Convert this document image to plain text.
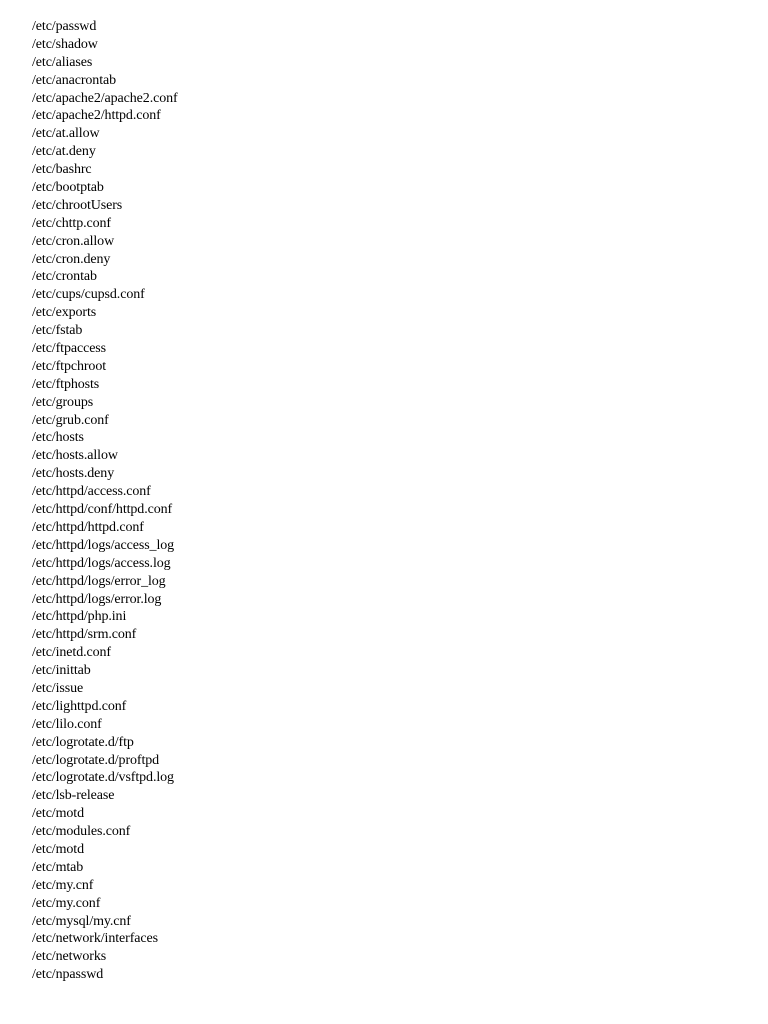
/etc/passwd
/etc/shadow
/etc/aliases
/etc/anacrontab
/etc/apache2/apache2.conf
/etc/apache2/httpd.conf
/etc/at.allow
/etc/at.deny
/etc/bashrc
/etc/bootptab
/etc/chrootUsers
/etc/chttp.conf
/etc/cron.allow
/etc/cron.deny
/etc/crontab
/etc/cups/cupsd.conf
/etc/exports
/etc/fstab
/etc/ftpaccess
/etc/ftpchroot
/etc/ftphosts
/etc/groups
/etc/grub.conf
/etc/hosts
/etc/hosts.allow
/etc/hosts.deny
/etc/httpd/access.conf
/etc/httpd/conf/httpd.conf
/etc/httpd/httpd.conf
/etc/httpd/logs/access_log
/etc/httpd/logs/access.log
/etc/httpd/logs/error_log
/etc/httpd/logs/error.log
/etc/httpd/php.ini
/etc/httpd/srm.conf
/etc/inetd.conf
/etc/inittab
/etc/issue
/etc/lighttpd.conf
/etc/lilo.conf
/etc/logrotate.d/ftp
/etc/logrotate.d/proftpd
/etc/logrotate.d/vsftpd.log
/etc/lsb-release
/etc/motd
/etc/modules.conf
/etc/motd
/etc/mtab
/etc/my.cnf
/etc/my.conf
/etc/mysql/my.cnf
/etc/network/interfaces
/etc/networks
/etc/npasswd
